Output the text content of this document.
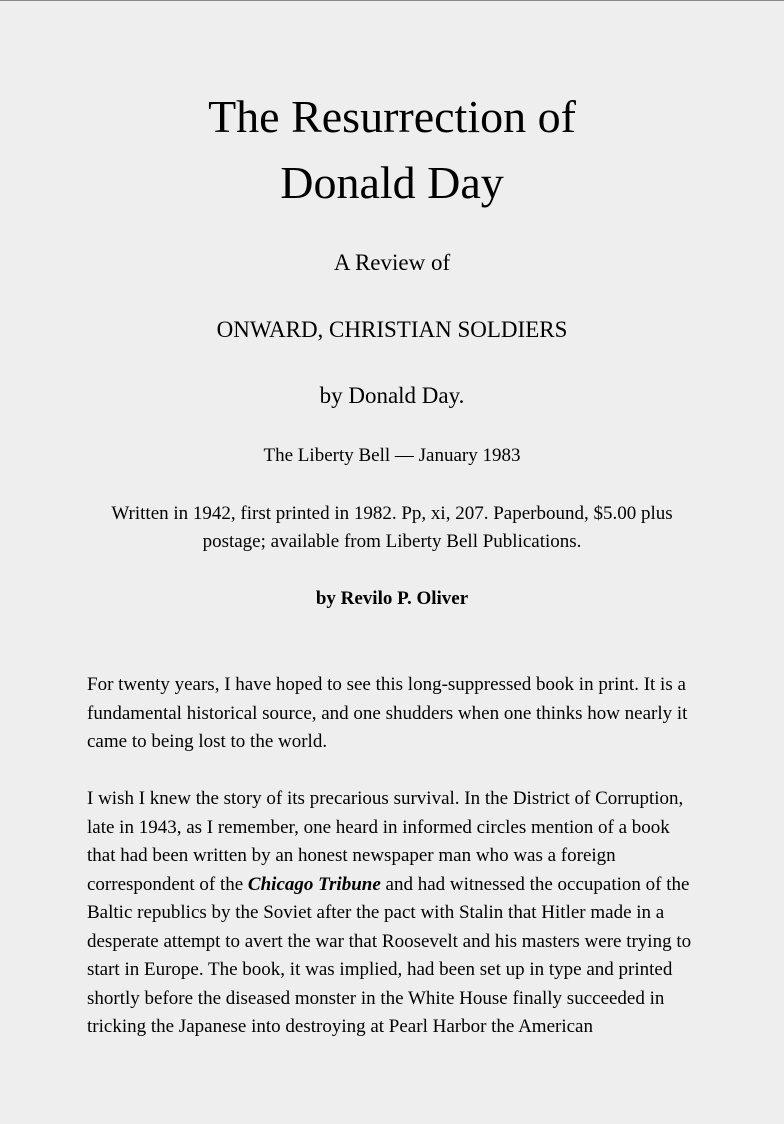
The Resurrection of
Donald Day

A Review of

ONWARD, CHRISTIAN SOLDIERS

by Donald Day.

The Liberty Bell — January 1983

Written in 1942, first printed in 1982. Pp, xi, 207. Paperbound, $5.00 plus postage; available from Liberty Bell Publications.

by Revilo P. Oliver

For twenty years, I have hoped to see this long-suppressed book in print. It is a fundamental historical source, and one shudders when one thinks how nearly it came to being lost to the world.

I wish I knew the story of its precarious survival. In the District of Corruption, late in 1943, as I remember, one heard in informed circles mention of a book that had been written by an honest newspaper man who was a foreign correspondent of the Chicago Tribune and had witnessed the occupation of the Baltic republics by the Soviet after the pact with Stalin that Hitler made in a desperate attempt to avert the war that Roosevelt and his masters were trying to start in Europe. The book, it was implied, had been set up in type and printed shortly before the diseased monster in the White House finally succeeded in tricking the Japanese into destroying at Pearl Harbor the American
